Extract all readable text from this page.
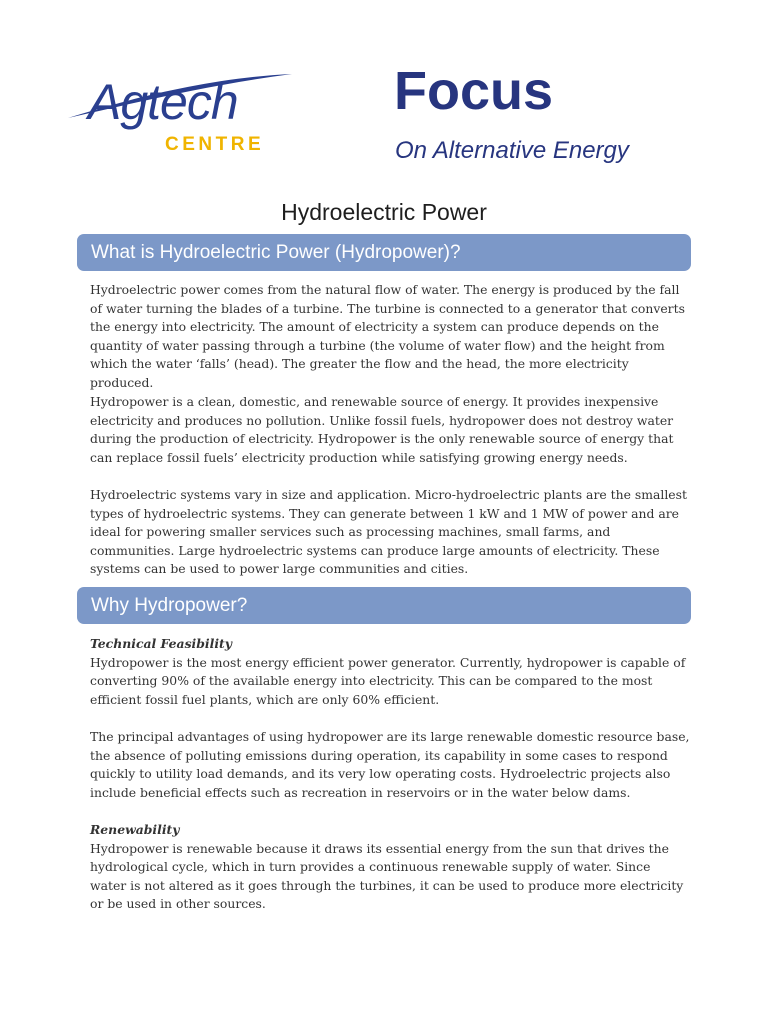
Agtech
CENTRE
Focus
On Alternative Energy
Hydroelectric Power
What is Hydroelectric Power (Hydropower)?

Hydroelectric power comes from the natural flow of water. The energy is produced by the fall of water turning the blades of a turbine. The turbine is connected to a generator that converts the energy into electricity. The amount of electricity a system can produce depends on the quantity of water passing through a turbine (the volume of water flow) and the height from which the water ‘falls’ (head). The greater the flow and the head, the more electricity produced.

Hydropower is a clean, domestic, and renewable source of energy. It provides inexpensive electricity and produces no pollution. Unlike fossil fuels, hydropower does not destroy water during the production of electricity. Hydropower is the only renewable source of energy that can replace fossil fuels’ electricity production while satisfying growing energy needs.

Hydroelectric systems vary in size and application. Micro-hydroelectric plants are the smallest types of hydroelectric systems. They can generate between 1 kW and 1 MW of power and are ideal for powering smaller services such as processing machines, small farms, and communities. Large hydroelectric systems can produce large amounts of electricity. These systems can be used to power large communities and cities.

Why Hydropower?

Technical Feasibility

Hydropower is the most energy efficient power generator. Currently, hydropower is capable of converting 90% of the available energy into electricity. This can be compared to the most efficient fossil fuel plants, which are only 60% efficient.

The principal advantages of using hydropower are its large renewable domestic resource base, the absence of polluting emissions during operation, its capability in some cases to respond quickly to utility load demands, and its very low operating costs. Hydroelectric projects also include beneficial effects such as recreation in reservoirs or in the water below dams.

Renewability

Hydropower is renewable because it draws its essential energy from the sun that drives the hydrological cycle, which in turn provides a continuous renewable supply of water. Since water is not altered as it goes through the turbines, it can be used to produce more electricity or be used in other sources.
